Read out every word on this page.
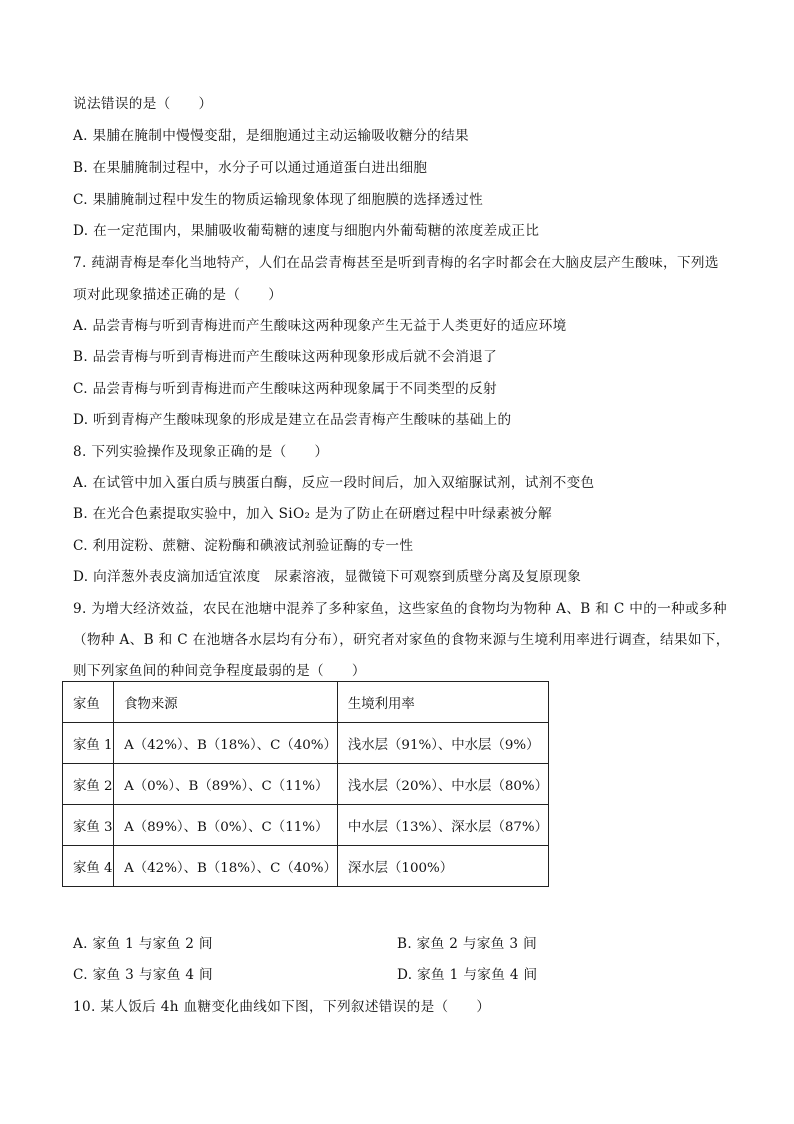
说法错误的是（　　）
A. 果脯在腌制中慢慢变甜，是细胞通过主动运输吸收糖分的结果
B. 在果脯腌制过程中，水分子可以通过通道蛋白进出细胞
C. 果脯腌制过程中发生的物质运输现象体现了细胞膜的选择透过性
D. 在一定范围内，果脯吸收葡萄糖的速度与细胞内外葡萄糖的浓度差成正比
7. 莼湖青梅是奉化当地特产，人们在品尝青梅甚至是听到青梅的名字时都会在大脑皮层产生酸味，下列选
项对此现象描述正确的是（　　）
A. 品尝青梅与听到青梅进而产生酸味这两种现象产生无益于人类更好的适应环境
B. 品尝青梅与听到青梅进而产生酸味这两种现象形成后就不会消退了
C. 品尝青梅与听到青梅进而产生酸味这两种现象属于不同类型的反射
D. 听到青梅产生酸味现象的形成是建立在品尝青梅产生酸味的基础上的
8. 下列实验操作及现象正确的是（　　）
A. 在试管中加入蛋白质与胰蛋白酶，反应一段时间后，加入双缩脲试剂，试剂不变色
B. 在光合色素提取实验中，加入 SiO₂ 是为了防止在研磨过程中叶绿素被分解
C. 利用淀粉、蔗糖、淀粉酶和碘液试剂验证酶的专一性
D. 向洋葱外表皮滴加适宜浓度　尿素溶液，显微镜下可观察到质壁分离及复原现象
9. 为增大经济效益，农民在池塘中混养了多种家鱼，这些家鱼的食物均为物种 A、B 和 C 中的一种或多种
（物种 A、B 和 C 在池塘各水层均有分布），研究者对家鱼的食物来源与生境利用率进行调查，结果如下，
则下列家鱼间的种间竞争程度最弱的是（　　）
家鱼	食物来源	生境利用率
家鱼 1	A（42%）、B（18%）、C（40%）	浅水层（91%）、中水层（9%）
家鱼 2	A（0%）、B（89%）、C（11%）	浅水层（20%）、中水层（80%）
家鱼 3	A（89%）、B（0%）、C（11%）	中水层（13%）、深水层（87%）
家鱼 4	A（42%）、B（18%）、C（40%）	深水层（100%）
A. 家鱼 1 与家鱼 2 间	B. 家鱼 2 与家鱼 3 间
C. 家鱼 3 与家鱼 4 间	D. 家鱼 1 与家鱼 4 间
10. 某人饭后 4h 血糖变化曲线如下图，下列叙述错误的是（　　）
